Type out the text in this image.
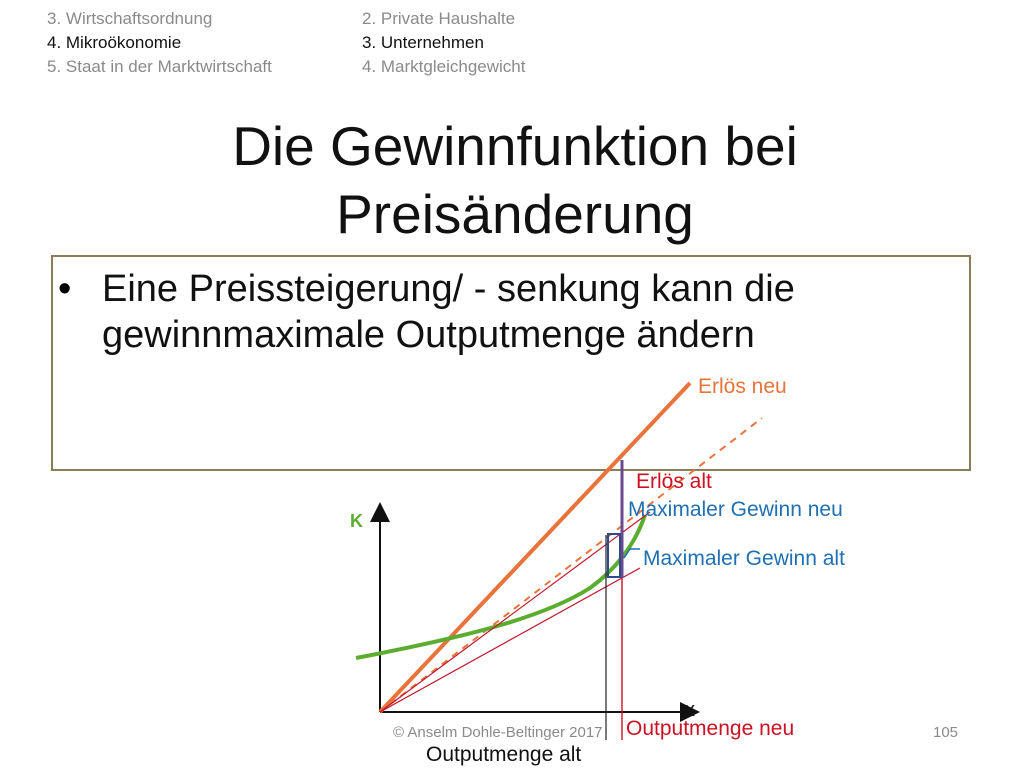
3. Wirtschaftsordnung
4. Mikroökonomie
5. Staat in der Marktwirtschaft
2. Private Haushalte
3. Unternehmen
4. Marktgleichgewicht
Die Gewinnfunktion bei
Preisänderung
• Eine Preissteigerung/ - senkung kann die
gewinnmaximale Outputmenge ändern
K
x
Erlös neu
Erlös alt
Maximaler Gewinn neu
Maximaler Gewinn alt
Outputmenge neu
Outputmenge alt
© Anselm Dohle-Beltinger 2017	105
